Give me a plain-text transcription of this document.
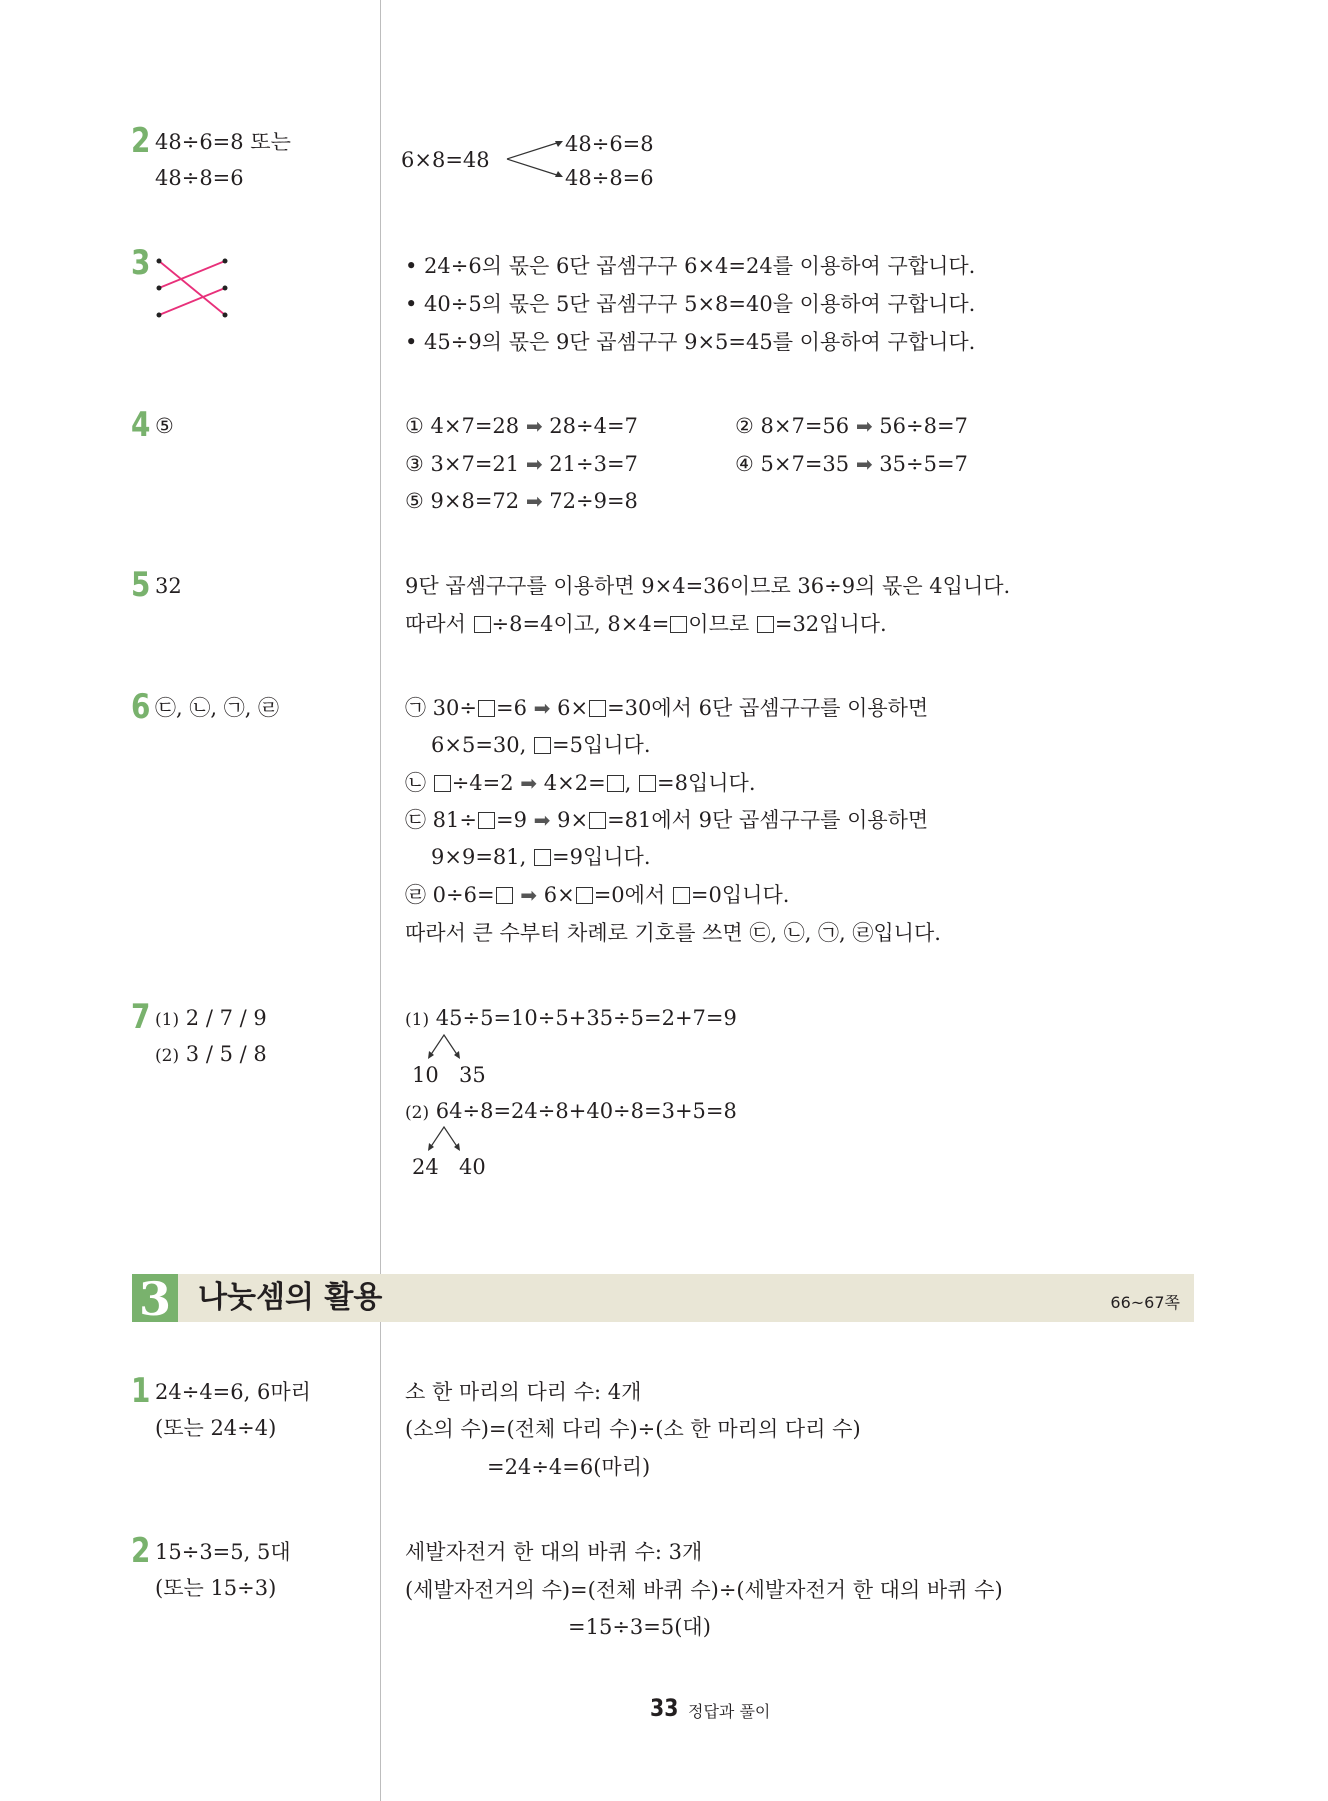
2 48÷6=8 또는
48÷8=6
6×8=48
48÷6=8
48÷8=6
3	• 24÷6의 몫은 6단 곱셈구구 6×4=24를 이용하여 구합니다.
• 40÷5의 몫은 5단 곱셈구구 5×8=40을 이용하여 구합니다.
• 45÷9의 몫은 9단 곱셈구구 9×5=45를 이용하여 구합니다.
4 ⑤	① 4×7=28 ➡ 28÷4=7	② 8×7=56 ➡ 56÷8=7
③ 3×7=21 ➡ 21÷3=7	④ 5×7=35 ➡ 35÷5=7
⑤ 9×8=72 ➡ 72÷9=8
5 32	9단 곱셈구구를 이용하면 9×4=36이므로 36÷9의 몫은 4입니다.
따라서 ÷8=4이고, 8×4= 이므로 =32입니다.
6 ㉢, ㉡, ㉠, ㉣	㉠ 30÷ =6 ➡ 6× =30에서 6단 곱셈구구를 이용하면
6×5=30, =5입니다.
㉡ ÷4=2 ➡ 4×2= , =8입니다.
㉢ 81÷ =9 ➡ 9× =81에서 9단 곱셈구구를 이용하면
9×9=81, =9입니다.
㉣ 0÷6= ➡ 6× =0에서 =0입니다.
따라서 큰 수부터 차례로 기호를 쓰면 ㉢, ㉡, ㉠, ㉣입니다.
7 (1) 2 / 7 / 9
(2) 3 / 5 / 8
(1) 45÷5=10÷5+35÷5=2+7=9
10 35
(2) 64÷8=24÷8+40÷8=3+5=8
24 40
3 나눗셈의 활용	66~67쪽
1 24÷4=6, 6마리
(또는 24÷4)
소 한 마리의 다리 수: 4개
(소의 수)=(전체 다리 수)÷(소 한 마리의 다리 수)
=24÷4=6(마리)
2 15÷3=5, 5대
(또는 15÷3)
세발자전거 한 대의 바퀴 수: 3개
(세발자전거의 수)=(전체 바퀴 수)÷(세발자전거 한 대의 바퀴 수)
=15÷3=5(대)
33 정답과 풀이
